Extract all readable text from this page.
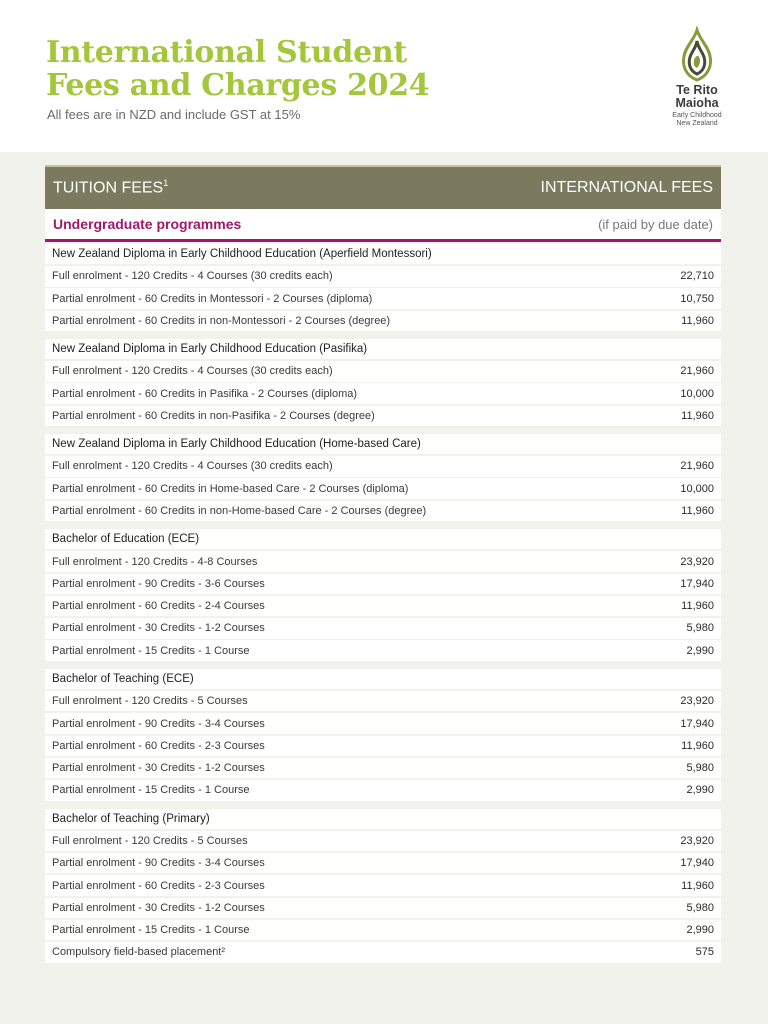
International Student
Fees and Charges 2024

All fees are in NZD and include GST at 15%

Te Rito
Maioha
Early Childhood
New Zealand
TUITION FEES$^1$	INTERNATIONAL FEES
Undergraduate programmes	(if paid by due date)
New Zealand Diploma in Early Childhood Education (Aperfield Montessori)
Full enrolment - 120 Credits - 4 Courses (30 credits each)	22,710
Partial enrolment - 60 Credits in Montessori - 2 Courses (diploma)	10,750
Partial enrolment - 60 Credits in non-Montessori - 2 Courses (degree)	11,960
New Zealand Diploma in Early Childhood Education (Pasifika)
Full enrolment - 120 Credits - 4 Courses (30 credits each)	21,960
Partial enrolment - 60 Credits in Pasifika - 2 Courses (diploma)	10,000
Partial enrolment - 60 Credits in non-Pasifika - 2 Courses (degree)	11,960
New Zealand Diploma in Early Childhood Education (Home-based Care)
Full enrolment - 120 Credits - 4 Courses (30 credits each)	21,960
Partial enrolment - 60 Credits in Home-based Care - 2 Courses (diploma)	10,000
Partial enrolment - 60 Credits in non-Home-based Care - 2 Courses (degree)	11,960
Bachelor of Education (ECE)
Full enrolment - 120 Credits - 4-8 Courses	23,920
Partial enrolment - 90 Credits - 3-6 Courses	17,940
Partial enrolment - 60 Credits - 2-4 Courses	11,960
Partial enrolment - 30 Credits - 1-2 Courses	5,980
Partial enrolment - 15 Credits - 1 Course	2,990
Bachelor of Teaching (ECE)
Full enrolment - 120 Credits - 5 Courses	23,920
Partial enrolment - 90 Credits - 3-4 Courses	17,940
Partial enrolment - 60 Credits - 2-3 Courses	11,960
Partial enrolment - 30 Credits - 1-2 Courses	5,980
Partial enrolment - 15 Credits - 1 Course	2,990
Bachelor of Teaching (Primary)
Full enrolment - 120 Credits - 5 Courses	23,920
Partial enrolment - 90 Credits - 3-4 Courses	17,940
Partial enrolment - 60 Credits - 2-3 Courses	11,960
Partial enrolment - 30 Credits - 1-2 Courses	5,980
Partial enrolment - 15 Credits - 1 Course	2,990
Compulsory field-based placement²	575
